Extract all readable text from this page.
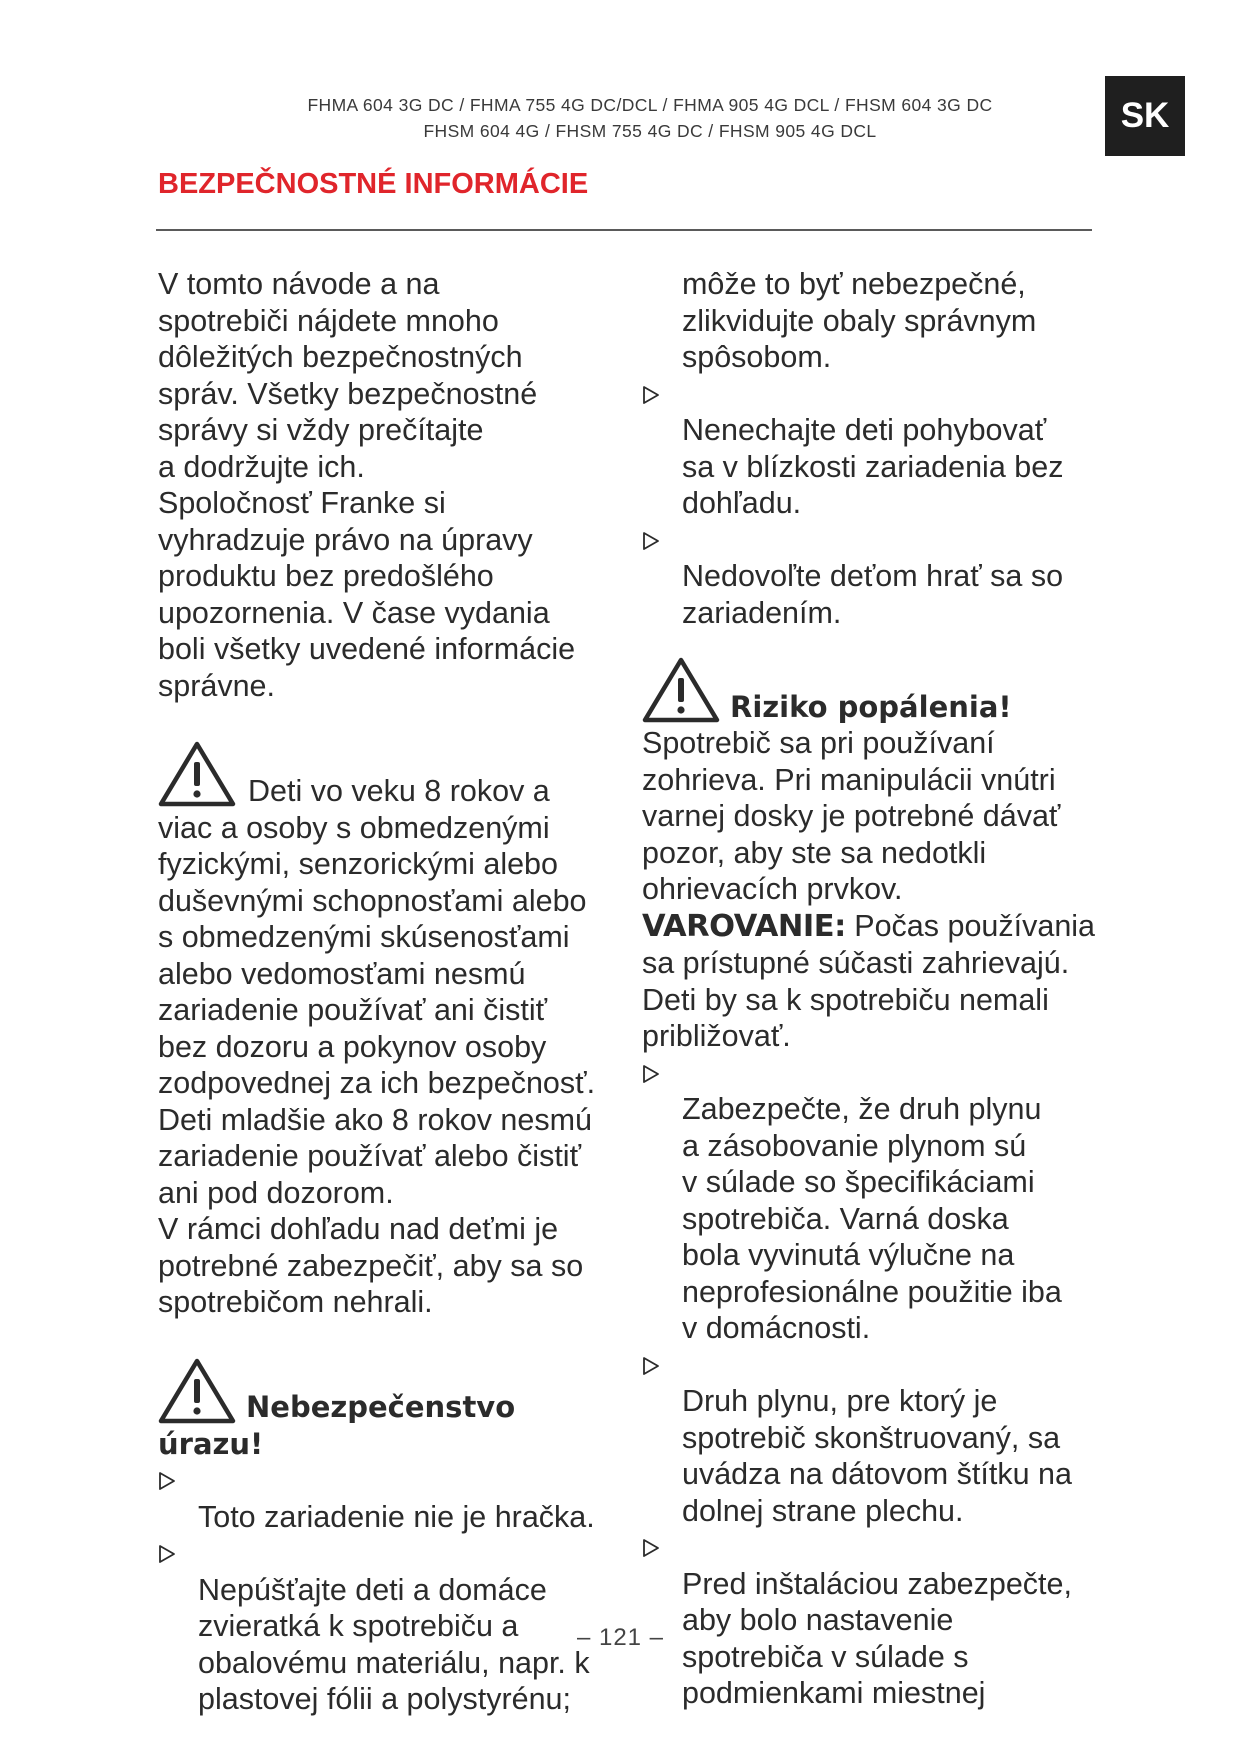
FHMA 604 3G DC / FHMA 755 4G DC/DCL / FHMA 905 4G DCL / FHSM 604 3G DC
FHSM 604 4G / FHSM 755 4G DC / FHSM 905 4G DCL	SK
BEZPEČNOSTNÉ INFORMÁCIE

V tomto návode a na
spotrebiči nájdete mnoho
dôležitých bezpečnostných
správ. Všetky bezpečnostné
správy si vždy prečítajte
a dodržujte ich.
Spoločnosť Franke si
vyhradzuje právo na úpravy
produktu bez predošlého
upozornenia. V čase vydania
boli všetky uvedené informácie
správne.

Deti vo veku 8 rokov a
viac a osoby s obmedzenými
fyzickými, senzorickými alebo
duševnými schopnosťami alebo
s obmedzenými skúsenosťami
alebo vedomosťami nesmú
zariadenie používať ani čistiť
bez dozoru a pokynov osoby
zodpovednej za ich bezpečnosť.
Deti mladšie ako 8 rokov nesmú
zariadenie používať alebo čistiť
ani pod dozorom.
V rámci dohľadu nad deťmi je
potrebné zabezpečiť, aby sa so
spotrebičom nehrali.

Nebezpečenstvo
úrazu!

Toto zariadenie nie je hračka.

Nepúšťajte deti a domáce
zvieratká k spotrebiču a
obalovému materiálu, napr. k
plastovej fólii a polystyrénu;

môže to byť nebezpečné,
zlikvidujte obaly správnym
spôsobom.

Nenechajte deti pohybovať
sa v blízkosti zariadenia bez
dohľadu.

Nedovoľte deťom hrať sa so
zariadením.

Riziko popálenia!

Spotrebič sa pri používaní
zohrieva. Pri manipulácii vnútri
varnej dosky je potrebné dávať
pozor, aby ste sa nedotkli
ohrievacích prvkov.

VAROVANIE: Počas používania
sa prístupné súčasti zahrievajú.
Deti by sa k spotrebiču nemali
približovať.

Zabezpečte, že druh plynu
a zásobovanie plynom sú
v súlade so špecifikáciami
spotrebiča. Varná doska
bola vyvinutá výlučne na
neprofesionálne použitie iba
v domácnosti.

Druh plynu, pre ktorý je
spotrebič skonštruovaný, sa
uvádza na dátovom štítku na
dolnej strane plechu.

Pred inštaláciou zabezpečte,
aby bolo nastavenie
spotrebiča v súlade s
podmienkami miestnej

– 121 –
